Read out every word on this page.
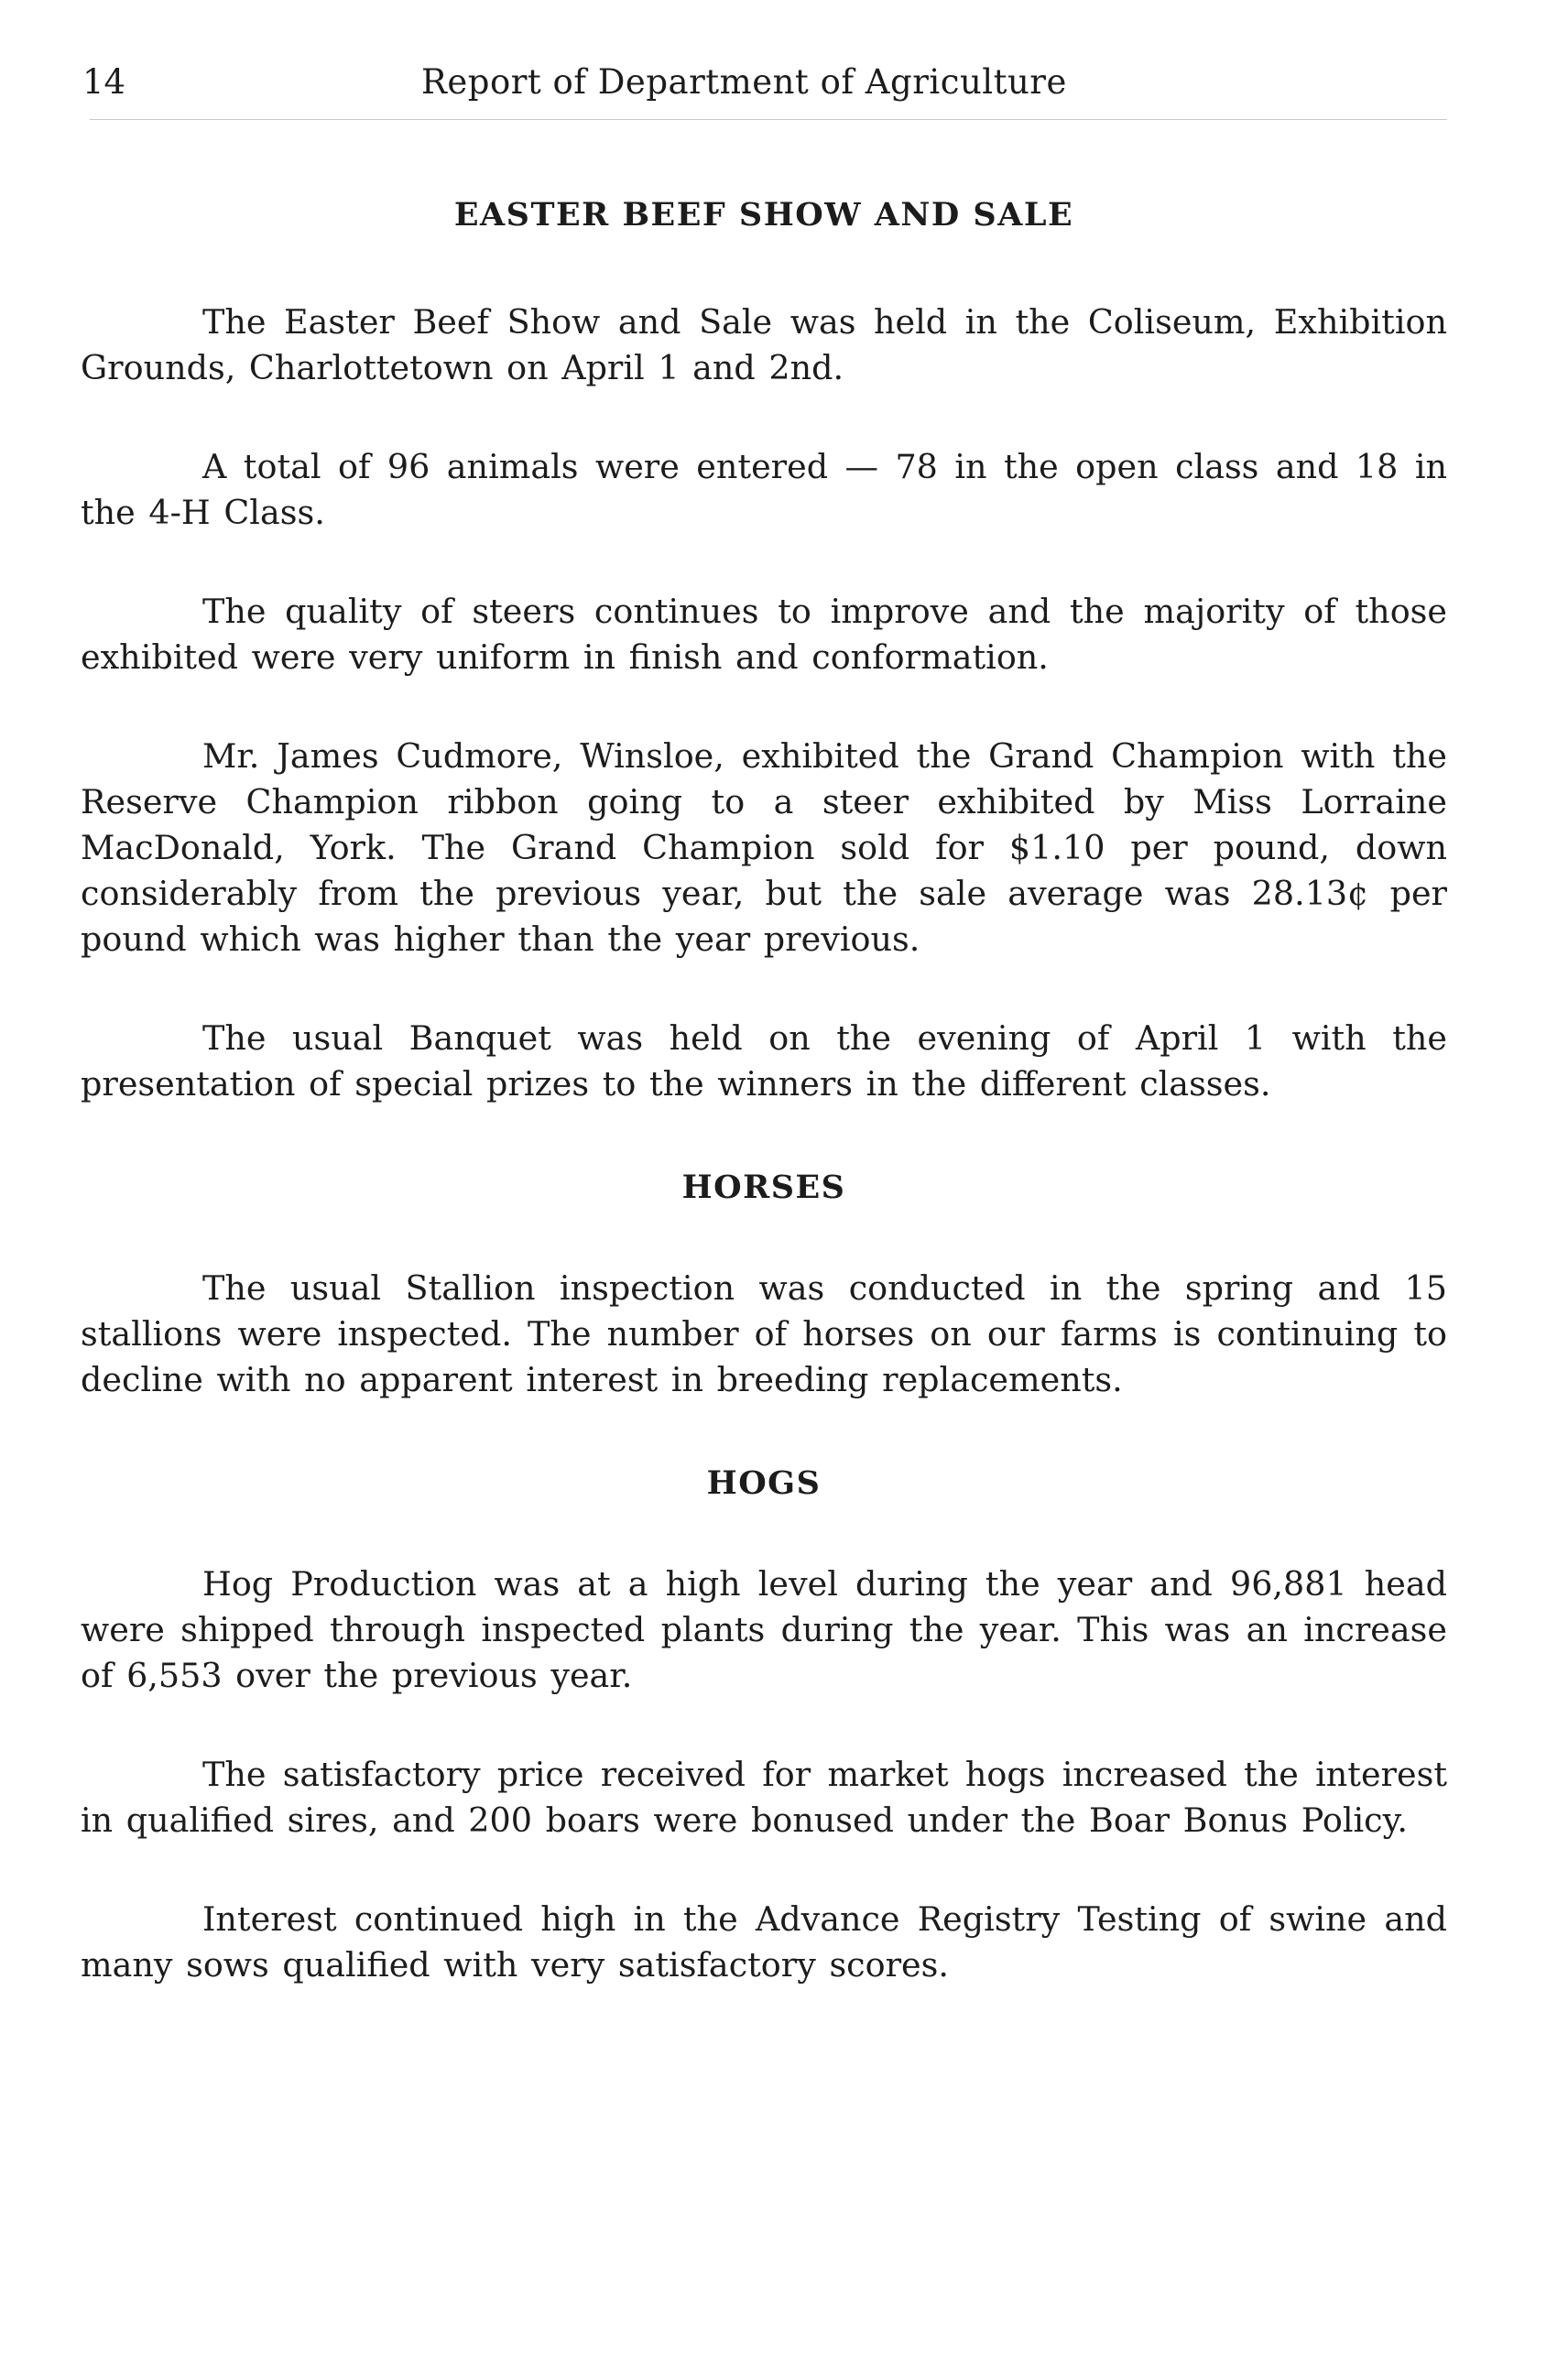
14	Report of Department of Agriculture
EASTER BEEF SHOW AND SALE

The Easter Beef Show and Sale was held in the Coliseum, Exhibition Grounds, Charlottetown on April 1 and 2nd.

A total of 96 animals were entered — 78 in the open class and 18 in the 4-H Class.

The quality of steers continues to improve and the majority of those exhibited were very uniform in finish and conformation.

Mr. James Cudmore, Winsloe, exhibited the Grand Champion with the Reserve Champion ribbon going to a steer exhibited by Miss Lorraine MacDonald, York. The Grand Champion sold for $1.10 per pound, down considerably from the previous year, but the sale average was 28.13¢ per pound which was higher than the year previous.

The usual Banquet was held on the evening of April 1 with the presentation of special prizes to the winners in the different classes.

HORSES

The usual Stallion inspection was conducted in the spring and 15 stallions were inspected. The number of horses on our farms is continuing to decline with no apparent interest in breeding replacements.

HOGS

Hog Production was at a high level during the year and 96,881 head were shipped through inspected plants during the year. This was an increase of 6,553 over the previous year.

The satisfactory price received for market hogs increased the interest in qualified sires, and 200 boars were bonused under the Boar Bonus Policy.

Interest continued high in the Advance Registry Testing of swine and many sows qualified with very satisfactory scores.
